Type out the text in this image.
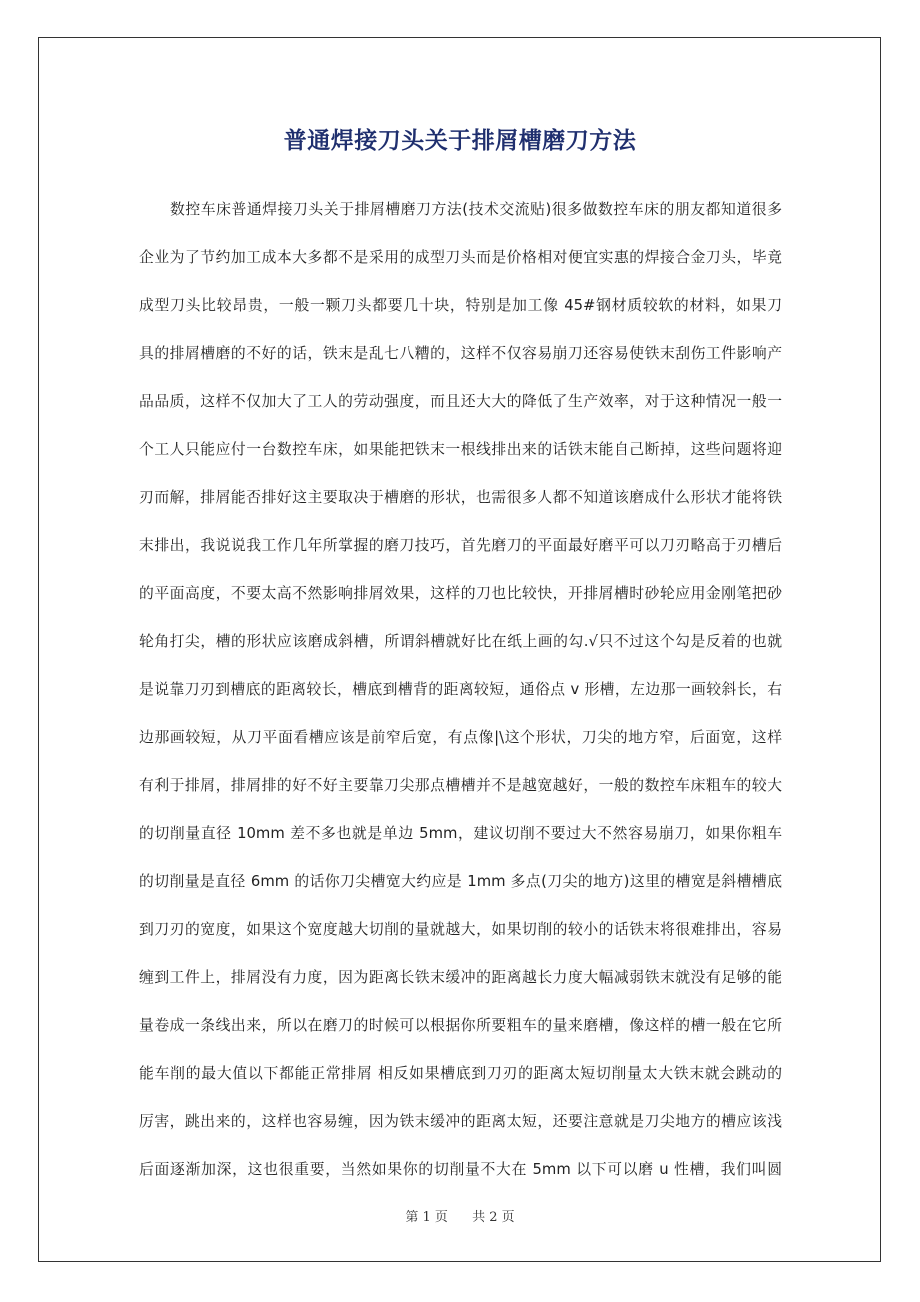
普通焊接刀头关于排屑槽磨刀方法
数控车床普通焊接刀头关于排屑槽磨刀方法(技术交流贴)很多做数控车床的朋友都知道很多
企业为了节约加工成本大多都不是采用的成型刀头而是价格相对便宜实惠的焊接合金刀头，毕竟
成型刀头比较昂贵，一般一颗刀头都要几十块，特别是加工像 45#钢材质较软的材料，如果刀
具的排屑槽磨的不好的话，铁末是乱七八糟的，这样不仅容易崩刀还容易使铁末刮伤工件影响产
品品质，这样不仅加大了工人的劳动强度，而且还大大的降低了生产效率，对于这种情况一般一
个工人只能应付一台数控车床，如果能把铁末一根线排出来的话铁末能自己断掉，这些问题将迎
刃而解，排屑能否排好这主要取决于槽磨的形状，也需很多人都不知道该磨成什么形状才能将铁
末排出，我说说我工作几年所掌握的磨刀技巧，首先磨刀的平面最好磨平可以刀刃略高于刃槽后
的平面高度，不要太高不然影响排屑效果，这样的刀也比较快，开排屑槽时砂轮应用金刚笔把砂
轮角打尖，槽的形状应该磨成斜槽，所谓斜槽就好比在纸上画的勾.√只不过这个勾是反着的也就
是说靠刀刃到槽底的距离较长，槽底到槽背的距离较短，通俗点 v 形槽，左边那一画较斜长，右
边那画较短，从刀平面看槽应该是前窄后宽，有点像|\这个形状，刀尖的地方窄，后面宽，这样
有利于排屑，排屑排的好不好主要靠刀尖那点槽槽并不是越宽越好，一般的数控车床粗车的较大
的切削量直径 10mm 差不多也就是单边 5mm，建议切削不要过大不然容易崩刀，如果你粗车
的切削量是直径 6mm 的话你刀尖槽宽大约应是 1mm 多点(刀尖的地方)这里的槽宽是斜槽槽底
到刀刃的宽度，如果这个宽度越大切削的量就越大，如果切削的较小的话铁末将很难排出，容易
缠到工件上，排屑没有力度，因为距离长铁末缓冲的距离越长力度大幅减弱铁末就没有足够的能
量卷成一条线出来，所以在磨刀的时候可以根据你所要粗车的量来磨槽，像这样的槽一般在它所
能车削的最大值以下都能正常排屑 相反如果槽底到刀刃的距离太短切削量太大铁末就会跳动的
厉害，跳出来的，这样也容易缠，因为铁末缓冲的距离太短，还要注意就是刀尖地方的槽应该浅
后面逐渐加深，这也很重要，当然如果你的切削量不大在 5mm 以下可以磨 u 性槽，我们叫圆
第 1 页 共 2 页
